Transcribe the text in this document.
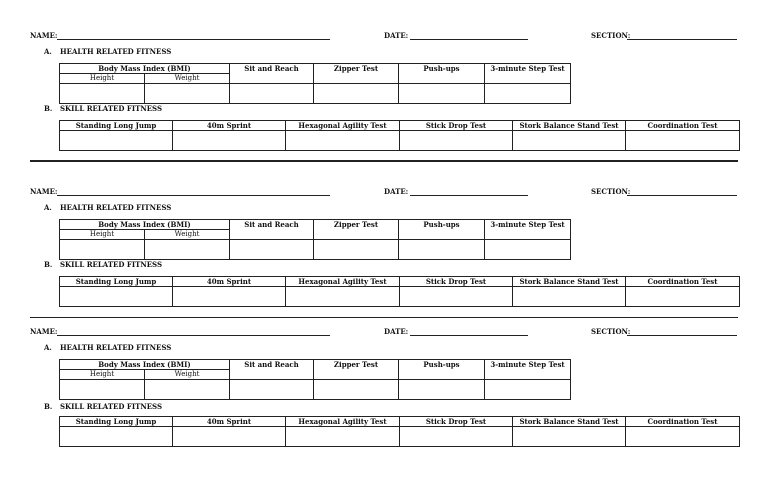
NAME:	DATE:	SECTION:
A. HEALTH RELATED FITNESS
Body Mass Index (BMI)		Sit and Reach	Zipper Test	Push-ups	3-minute Step Test
Height	Weight				

B. SKILL RELATED FITNESS
Standing Long Jump	40m Sprint	Hexagonal Agility Test	Stick Drop Test	Stork Balance Stand Test	Coordination Test

NAME:	DATE:	SECTION:
A. HEALTH RELATED FITNESS
Body Mass Index (BMI)		Sit and Reach	Zipper Test	Push-ups	3-minute Step Test
Height	Weight				

B. SKILL RELATED FITNESS
Standing Long Jump	40m Sprint	Hexagonal Agility Test	Stick Drop Test	Stork Balance Stand Test	Coordination Test

NAME:	DATE:	SECTION:
A. HEALTH RELATED FITNESS
Body Mass Index (BMI)		Sit and Reach	Zipper Test	Push-ups	3-minute Step Test
Height	Weight				

B. SKILL RELATED FITNESS
Standing Long Jump	40m Sprint	Hexagonal Agility Test	Stick Drop Test	Stork Balance Stand Test	Coordination Test
